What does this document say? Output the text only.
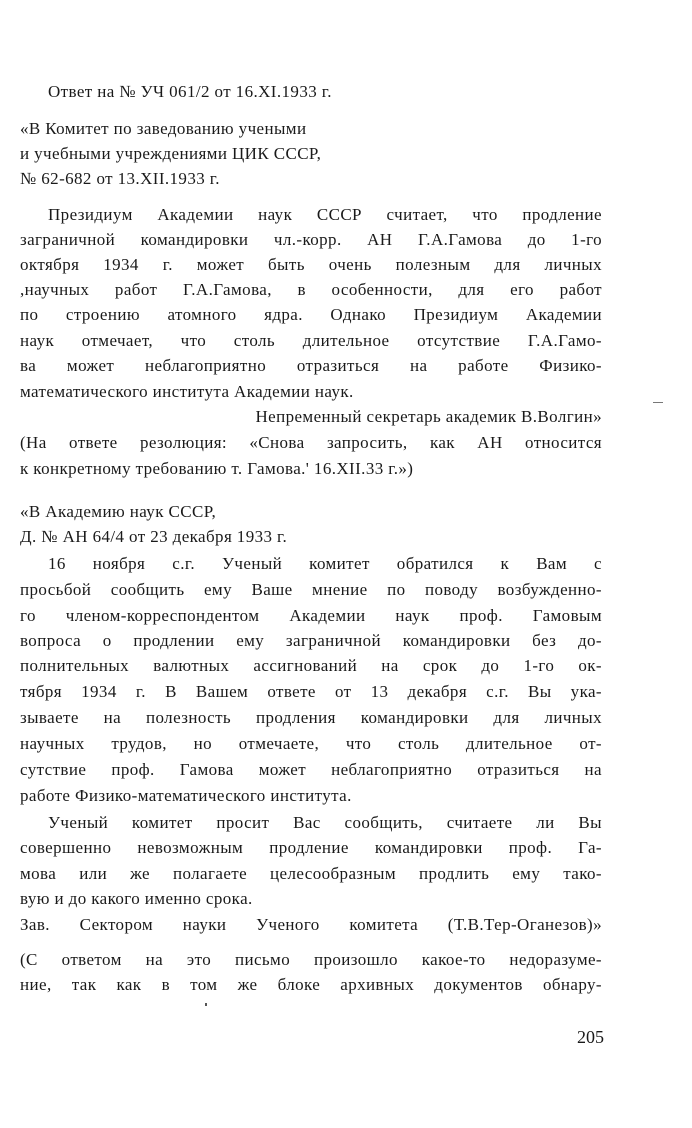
Ответ на № УЧ 061/2 от 16.XI.1933 г.
«В Комитет по заведованию учеными
и учебными учреждениями ЦИК СССР,
№ 62-682 от 13.XII.1933 г.
Президиум Академии наук СССР считает, что продление
заграничной командировки чл.-корр. АН Г.А.Гамова до 1-го
октября 1934 г. может быть очень полезным для личных
,научных работ Г.А.Гамова, в особенности, для его работ
по строению атомного ядра. Однако Президиум Академии
наук отмечает, что столь длительное отсутствие Г.А.Гамо-
ва может неблагоприятно отразиться на работе Физико-
математического института Академии наук.
Непременный секретарь академик В.Волгин»
(На ответе резолюция: «Снова запросить, как АН относится
к конкретному требованию т. Гамова.' 16.XII.33 г.»)
«В Академию наук СССР,
Д. № АН 64/4 от 23 декабря 1933 г.
16 ноября с.г. Ученый комитет обратился к Вам с
просьбой сообщить ему Ваше мнение по поводу возбужденно-
го членом-корреспондентом Академии наук проф. Гамовым
вопроса о продлении ему заграничной командировки без до-
полнительных валютных ассигнований на срок до 1-го ок-
тября 1934 г. В Вашем ответе от 13 декабря с.г. Вы ука-
зываете на полезность продления командировки для личных
научных трудов, но отмечаете, что столь длительное от-
сутствие проф. Гамова может неблагоприятно отразиться на
работе Физико-математического института.
Ученый комитет просит Вас сообщить, считаете ли Вы
совершенно невозможным продление командировки проф. Га-
мова или же полагаете целесообразным продлить ему тако-
вую и до какого именно срока.
Зав. Сектором науки Ученого комитета (Т.В.Тер-Оганезов)»
(С ответом на это письмо произошло какое-то недоразуме-
ние, так как в том же блоке архивных документов обнару-
205
